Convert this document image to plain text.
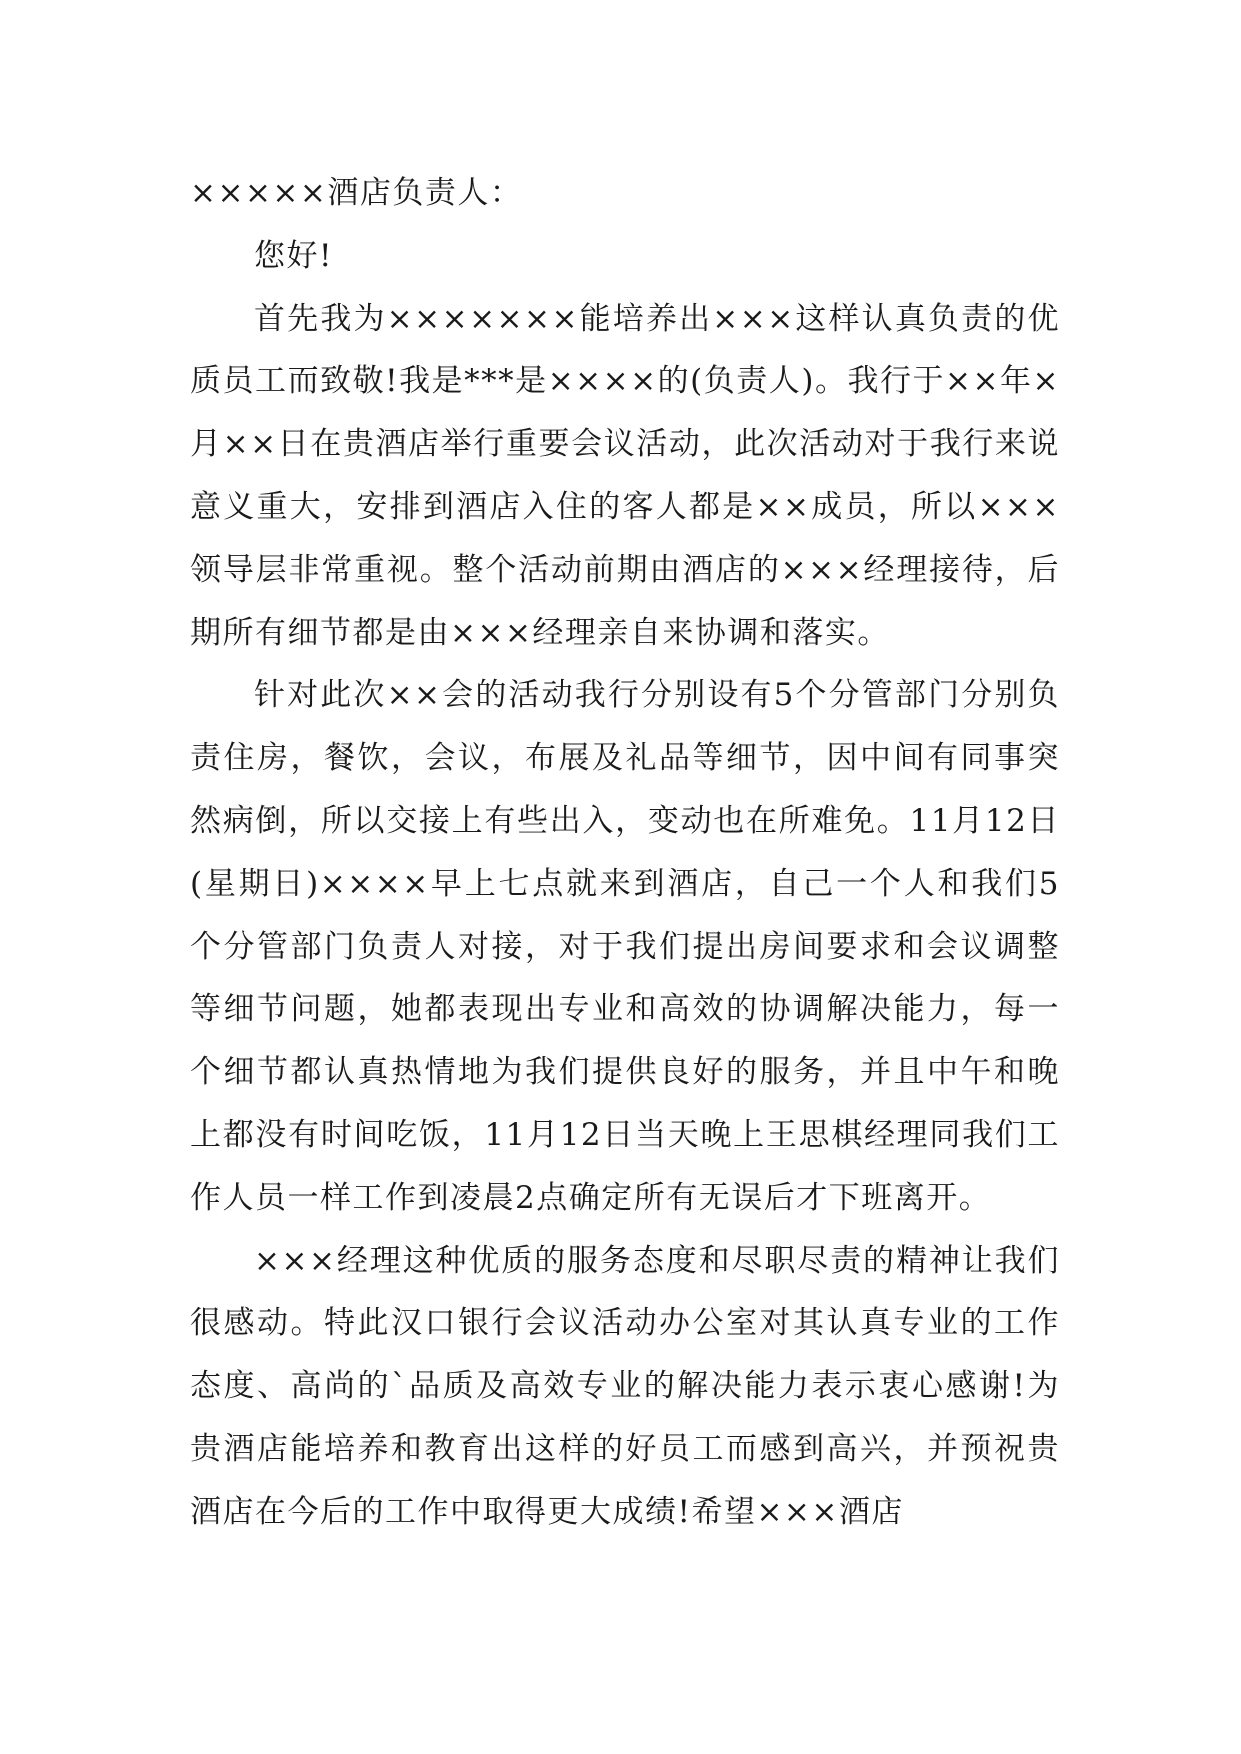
×××××酒店负责人：

您好!

首先我为×××××××能培养出×××这样认真负责的优质员工而致敬!我是***是××××的(负责人)。我行于××年×月××日在贵酒店举行重要会议活动，此次活动对于我行来说意义重大，安排到酒店入住的客人都是××成员，所以×××领导层非常重视。整个活动前期由酒店的×××经理接待，后期所有细节都是由×××经理亲自来协调和落实。

针对此次××会的活动我行分别设有5个分管部门分别负责住房，餐饮，会议，布展及礼品等细节，因中间有同事突然病倒，所以交接上有些出入，变动也在所难免。11月12日(星期日)××××早上七点就来到酒店，自己一个人和我们5个分管部门负责人对接，对于我们提出房间要求和会议调整等细节问题，她都表现出专业和高效的协调解决能力，每一个细节都认真热情地为我们提供良好的服务，并且中午和晚上都没有时间吃饭，11月12日当天晚上王思棋经理同我们工作人员一样工作到凌晨2点确定所有无误后才下班离开。

×××经理这种优质的服务态度和尽职尽责的精神让我们很感动。特此汉口银行会议活动办公室对其认真专业的工作态度、高尚的`品质及高效专业的解决能力表示衷心感谢!为贵酒店能培养和教育出这样的好员工而感到高兴，并预祝贵酒店在今后的工作中取得更大成绩!希望×××酒店
